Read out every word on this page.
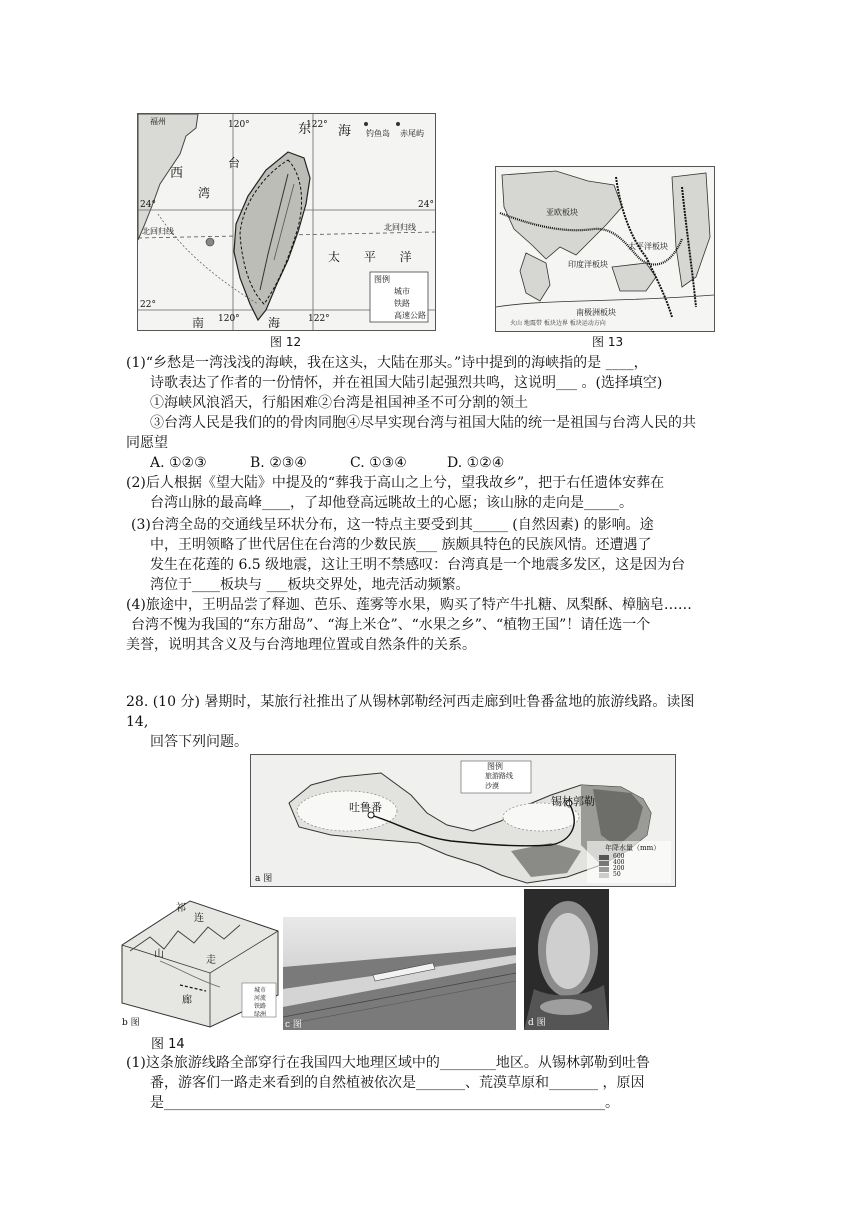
福州
东	钓鱼岛 赤尾屿
海
120°	122°
西
台
湾
24°	24°
北回归线	北回归线
太 平 洋
22°
南 120° 海	122°
图例
城市
铁路
高速公路
图 12
亚欧板块
太平洋板块
印度洋板块
南极洲板块
火山 地震带 板块边界 板块运动方向
图 13
(1)“乡愁是一湾浅浅的海峡，我在这头，大陆在那头。”诗中提到的海峡指的是 ____，
诗歌表达了作者的一份情怀，并在祖国大陆引起强烈共鸣，这说明___ 。(选择填空)
①海峡风浪滔天，行船困难②台湾是祖国神圣不可分割的领土
③台湾人民是我们的的骨肉同胞④尽早实现台湾与祖国大陆的统一是祖国与台湾人民的共
同愿望
A. ①②③	B. ②③④	C. ①③④	D. ①②④
(2)后人根据《望大陆》中提及的“葬我于高山之上兮，望我故乡”，把于右任遗体安葬在
台湾山脉的最高峰____，了却他登高远眺故土的心愿；该山脉的走向是_____。
(3)台湾全岛的交通线呈环状分布，这一特点主要受到其_____ (自然因素) 的影响。途
中，王明领略了世代居住在台湾的少数民族___ 族颇具特色的民族风情。还遭遇了
发生在花莲的 6.5 级地震，这让王明不禁感叹：台湾真是一个地震多发区，这是因为台
湾位于____板块与 ___板块交界处，地壳活动频繁。
(4)旅途中，王明品尝了释迦、芭乐、莲雾等水果，购买了特产牛扎糖、凤梨酥、樟脑皂……
台湾不愧为我国的“东方甜岛”、“海上米仓”、“水果之乡”、“植物王国”！请任选一个
美誉，说明其含义及与台湾地理位置或自然条件的关系。
28. (10 分) 暑期时，某旅行社推出了从锡林郭勒经河西走廊到吐鲁番盆地的旅游线路。读图
14,
回答下列问题。
吐鲁番	锡林郭勒
图例
旅游路线
沙漠
年降水量（mm）
600
400
200
50
a 图
祁
连
山
走
廊
城市
河流
铁路
绿洲
b 图	c 图	d 图
图 14
(1)这条旅游线路全部穿行在我国四大地理区域中的________地区。从锡林郭勒到吐鲁
番，游客们一路走来看到的自然植被依次是_______、荒漠草原和_______ ，原因
是_______________________________________________________________。
